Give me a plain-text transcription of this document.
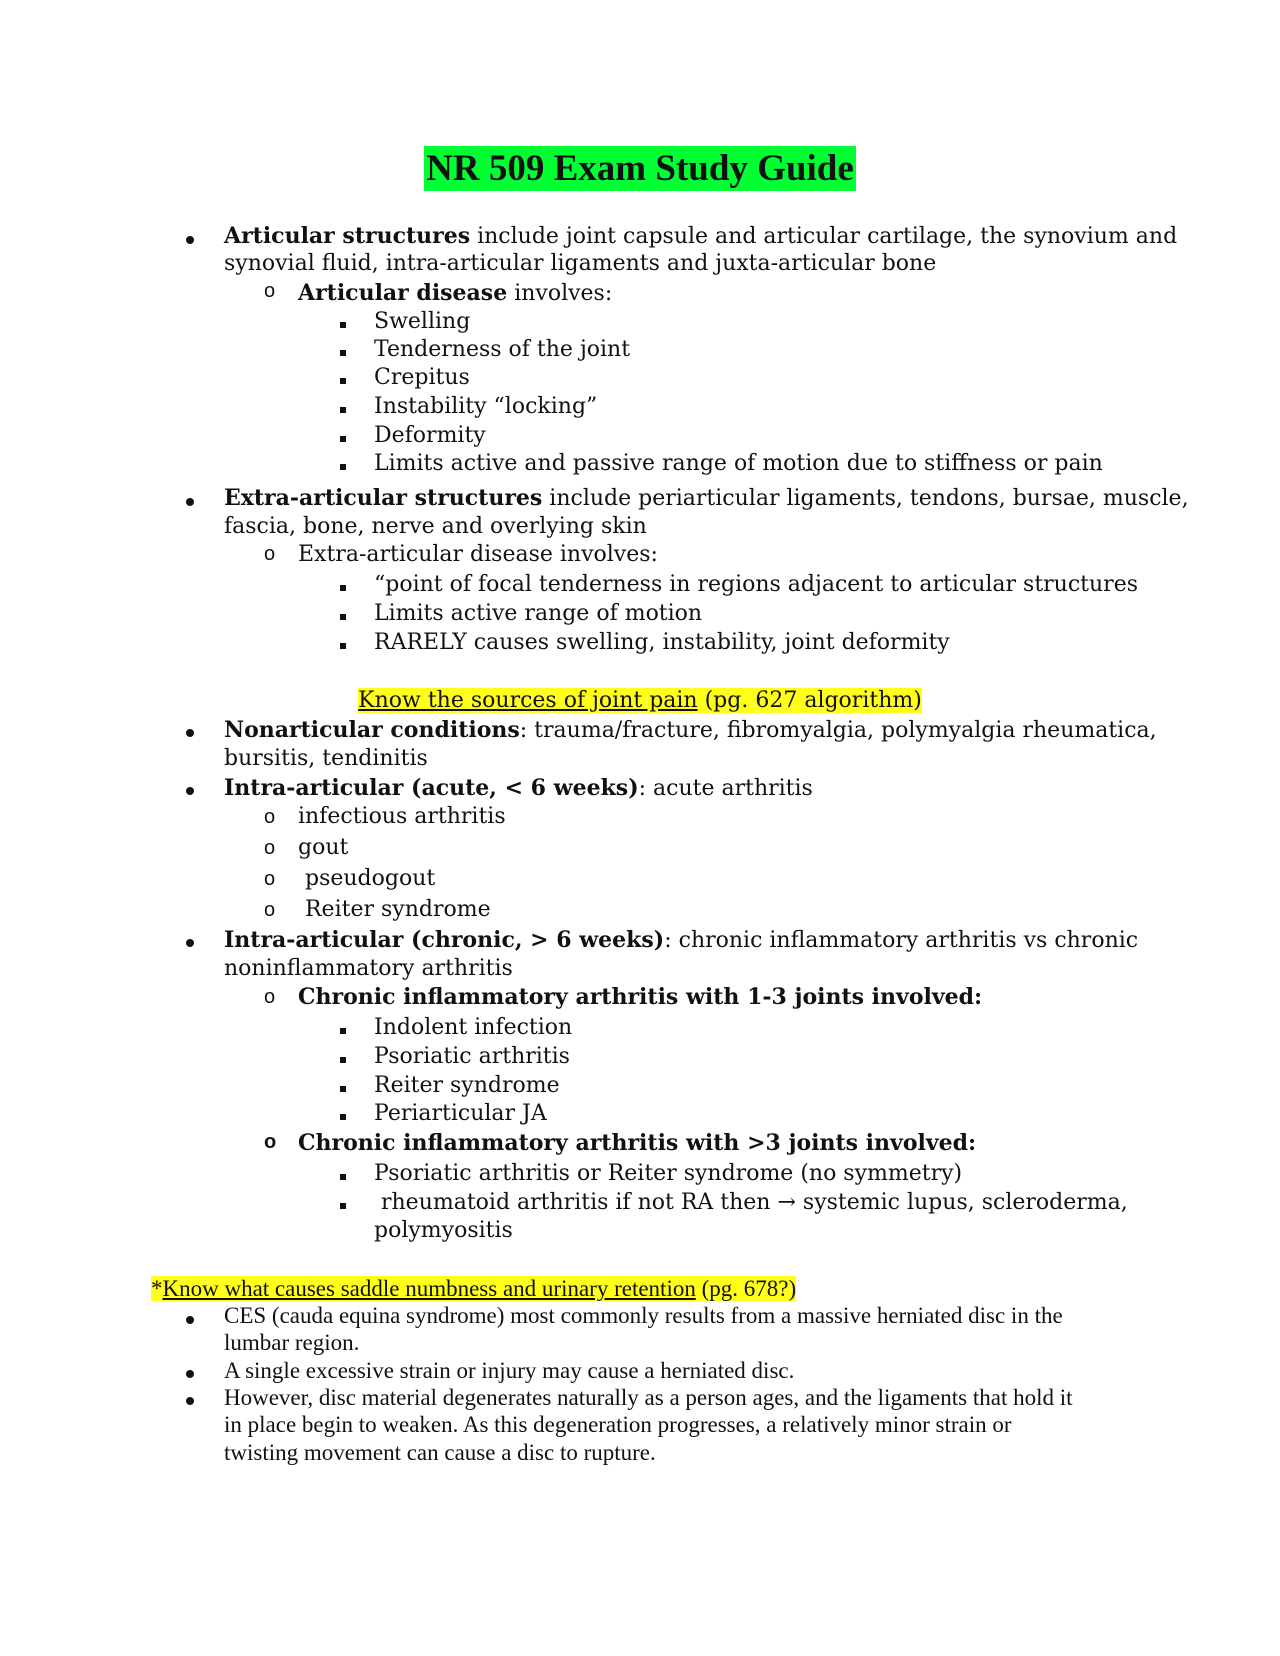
NR 509 Exam Study Guide
Articular structures include joint capsule and articular cartilage, the synovium and
synovial fluid, intra-articular ligaments and juxta-articular bone
o Articular disease involves:
Swelling
Tenderness of the joint
Crepitus
Instability “locking”
Deformity
Limits active and passive range of motion due to stiffness or pain
Extra-articular structures include periarticular ligaments, tendons, bursae, muscle,
fascia, bone, nerve and overlying skin
o Extra-articular disease involves:
“point of focal tenderness in regions adjacent to articular structures
Limits active range of motion
RARELY causes swelling, instability, joint deformity
Know the sources of joint pain (pg. 627 algorithm)
Nonarticular conditions: trauma/fracture, fibromyalgia, polymyalgia rheumatica,
bursitis, tendinitis
Intra-articular (acute, < 6 weeks): acute arthritis
o infectious arthritis
o gout
o pseudogout
o Reiter syndrome
Intra-articular (chronic, > 6 weeks): chronic inflammatory arthritis vs chronic
noninflammatory arthritis
o Chronic inflammatory arthritis with 1-3 joints involved:
Indolent infection
Psoriatic arthritis
Reiter syndrome
Periarticular JA
o Chronic inflammatory arthritis with >3 joints involved:
Psoriatic arthritis or Reiter syndrome (no symmetry)
rheumatoid arthritis if not RA then → systemic lupus, scleroderma,
polymyositis
*Know what causes saddle numbness and urinary retention (pg. 678?)
CES (cauda equina syndrome) most commonly results from a massive herniated disc in the
lumbar region.
A single excessive strain or injury may cause a herniated disc.
However, disc material degenerates naturally as a person ages, and the ligaments that hold it
in place begin to weaken. As this degeneration progresses, a relatively minor strain or
twisting movement can cause a disc to rupture.
